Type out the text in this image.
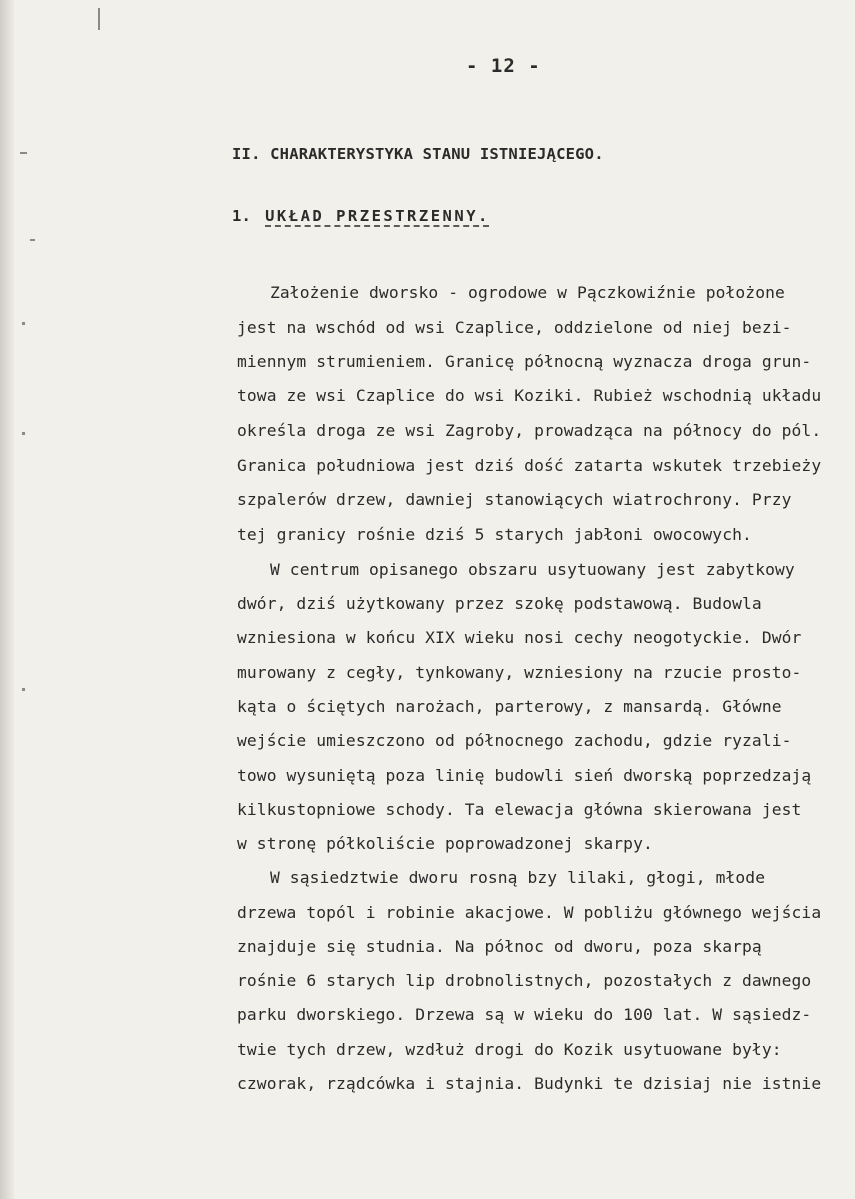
- 12 -
II. CHARAKTERYSTYKA STANU ISTNIEJĄCEGO.
1. UKŁAD PRZESTRZENNY.
Założenie dworsko - ogrodowe w Pączkowiźnie położone
jest na wschód od wsi Czaplice, oddzielone od niej bezi-
miennym strumieniem. Granicę północną wyznacza droga grun-
towa ze wsi Czaplice do wsi Koziki. Rubież wschodnią układu
określa droga ze wsi Zagroby, prowadząca na północy do pól.
Granica południowa jest dziś dość zatarta wskutek trzebieży
szpalerów drzew, dawniej stanowiących wiatrochrony. Przy
tej granicy rośnie dziś 5 starych jabłoni owocowych.
W centrum opisanego obszaru usytuowany jest zabytkowy
dwór, dziś użytkowany przez szokę podstawową. Budowla
wzniesiona w końcu XIX wieku nosi cechy neogotyckie. Dwór
murowany z cegły, tynkowany, wzniesiony na rzucie prosto-
kąta o ściętych narożach, parterowy, z mansardą. Główne
wejście umieszczono od północnego zachodu, gdzie ryzali-
towo wysuniętą poza linię budowli sień dworską poprzedzają
kilkustopniowe schody. Ta elewacja główna skierowana jest
w stronę półkoliście poprowadzonej skarpy.
W sąsiedztwie dworu rosną bzy lilaki, głogi, młode
drzewa topól i robinie akacjowe. W pobliżu głównego wejścia
znajduje się studnia. Na północ od dworu, poza skarpą
rośnie 6 starych lip drobnolistnych, pozostałych z dawnego
parku dworskiego. Drzewa są w wieku do 100 lat. W sąsiedz-
twie tych drzew, wzdłuż drogi do Kozik usytuowane były:
czworak, rządcówka i stajnia. Budynki te dzisiaj nie istnie
